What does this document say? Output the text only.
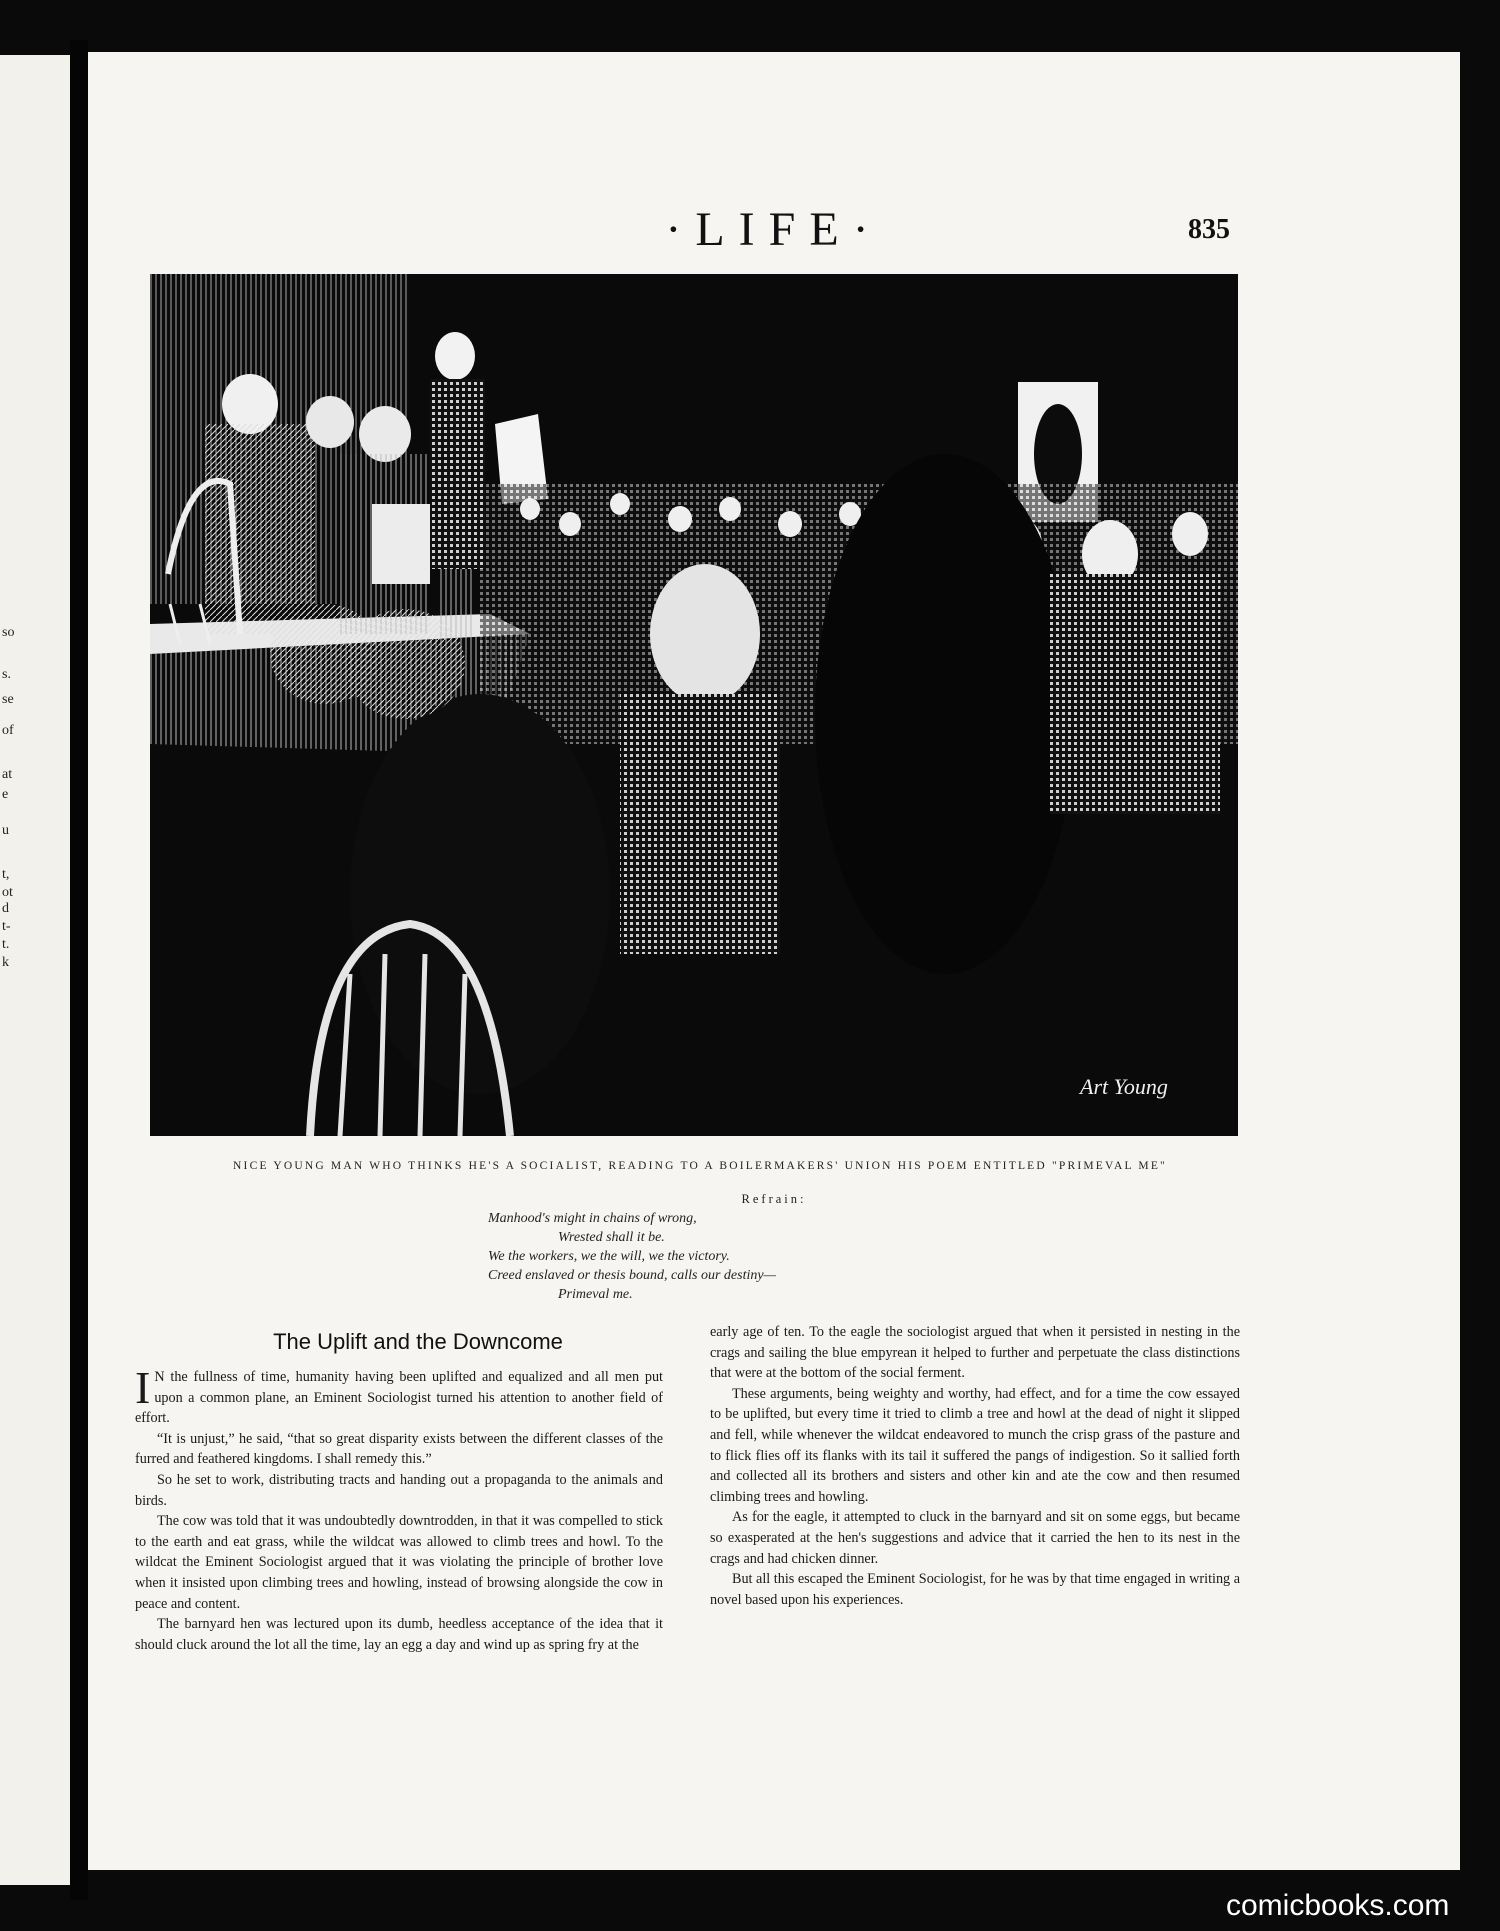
so
s.
se
of
at
e
u
t,
ot
d
t-
t.
k
·LIFE·	835
Art Young
NICE YOUNG MAN WHO THINKS HE'S A SOCIALIST, READING TO A BOILERMAKERS' UNION HIS POEM ENTITLED "PRIMEVAL ME"
Refrain:
Manhood's might in chains of wrong,
Wrested shall it be.
We the workers, we the will, we the victory.
Creed enslaved or thesis bound, calls our destiny—
Primeval me.
The Uplift and the Downcome

I N the fullness of time, humanity having been uplifted and equalized and all men put upon a common plane, an Eminent Sociologist turned his attention to another field of effort.

“It is unjust,” he said, “that so great disparity exists between the different classes of the furred and feathered kingdoms. I shall remedy this.”

So he set to work, distributing tracts and handing out a propaganda to the animals and birds.

The cow was told that it was undoubtedly downtrodden, in that it was compelled to stick to the earth and eat grass, while the wildcat was allowed to climb trees and howl. To the wildcat the Eminent Sociologist argued that it was violating the principle of brother love when it insisted upon climbing trees and howling, instead of browsing alongside the cow in peace and content.

The barnyard hen was lectured upon its dumb, heedless acceptance of the idea that it should cluck around the lot all the time, lay an egg a day and wind up as spring fry at the

early age of ten. To the eagle the sociologist argued that when it persisted in nesting in the crags and sailing the blue empyrean it helped to further and perpetuate the class distinctions that were at the bottom of the social ferment.

These arguments, being weighty and worthy, had effect, and for a time the cow essayed to be uplifted, but every time it tried to climb a tree and howl at the dead of night it slipped and fell, while whenever the wildcat endeavored to munch the crisp grass of the pasture and to flick flies off its flanks with its tail it suffered the pangs of indigestion. So it sallied forth and collected all its brothers and sisters and other kin and ate the cow and then resumed climbing trees and howling.

As for the eagle, it attempted to cluck in the barnyard and sit on some eggs, but became so exasperated at the hen's suggestions and advice that it carried the hen to its nest in the crags and had chicken dinner.

But all this escaped the Eminent Sociologist, for he was by that time engaged in writing a novel based upon his experiences.

comicbooks.com
